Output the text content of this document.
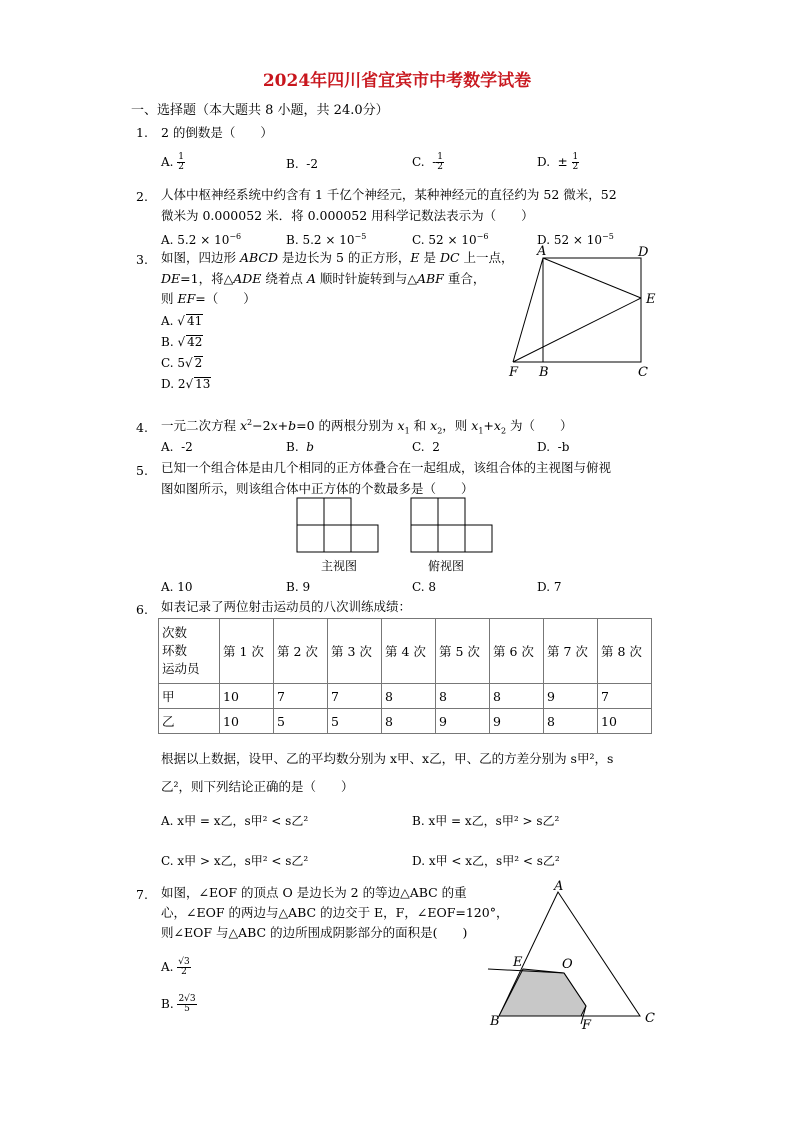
2024年四川省宜宾市中考数学试卷
一、选择题（本大题共 8 小题，共 24.0分）
1. 2 的倒数是（　　）
A. $\frac{1}{2}$	B.  -2	C.  - $\frac{1}{2}$	D.  ± $\frac{1}{2}$
2. 人体中枢神经系统中约含有 1 千亿个神经元，某种神经元的直径约为 52 微米，52
微米为 0.000052 米．将 0.000052 用科学记数法表示为（　　）
A. $5.2 \times 10^{-6}$	B. $5.2 \times 10^{-5}$	C. $52 \times 10^{-6}$	D. $52 \times 10^{-5}$
3. 如图，四边形 ABCD 是边长为 5 的正方形，E 是 DC 上一点，
DE=1，将△ADE 绕着点 A 顺时针旋转到与△ABF 重合，
则 EF=（　　）
A. √ 41
B. √ 42
C. 5√ 2
D. 2√ 13
A	D
E
F B	C
4. 一元二次方程 $x^2-2x+b=0$ 的两根分别为 $x_1$ 和 $x_2$，则 $x_1+x_2$ 为（　　）
A.  -2	B.  b	C.  2	D.  -b
5. 已知一个组合体是由几个相同的正方体叠合在一起组成，该组合体的主视图与俯视
图如图所示，则该组合体中正方体的个数最多是（　　）
主视图	俯视图
A. 10	B. 9	C. 8	D. 7
6. 如表记录了两位射击运动员的八次训练成绩：
次数
环数
运动员	第 1 次	第 2 次	第 3 次	第 4 次	第 5 次	第 6 次	第 7 次	第 8 次
甲	10	7	7	8	8	8	9	7
乙	10	5	5	8	9	9	8	10
根据以上数据，设甲、乙的平均数分别为 x甲、x乙，甲、乙的方差分别为 s甲²，s
乙²，则下列结论正确的是（　　）
A. x甲 = x乙，s甲² < s乙²	B. x甲 = x乙，s甲² > s乙²
C. x甲 > x乙，s甲² < s乙²	D. x甲 < x乙，s甲² < s乙²
7. 如图，∠EOF 的顶点 O 是边长为 2 的等边△ABC 的重
心，∠EOF 的两边与△ABC 的边交于 E，F，∠EOF=120°，
则∠EOF 与△ABC 的边所围成阴影部分的面积是(　　)
A. $\frac{√3}{2}$
B. $\frac{2√3}{5}$
A
E	O
B	F	C
